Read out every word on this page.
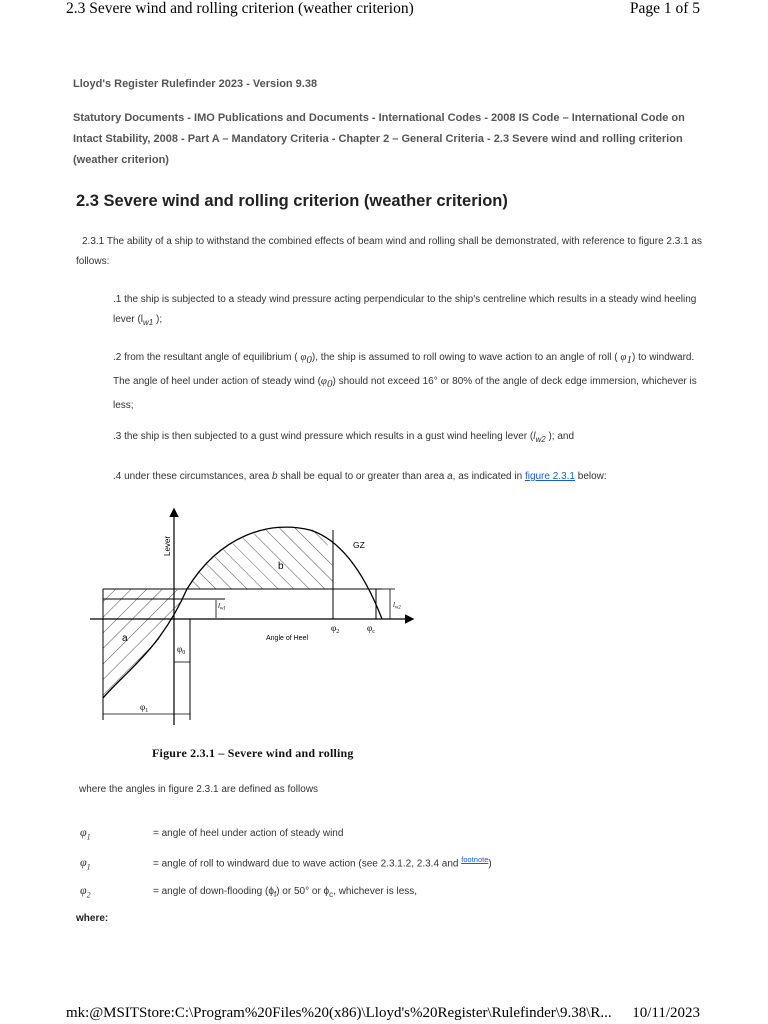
2.3 Severe wind and rolling criterion (weather criterion)	Page 1 of 5
Lloyd's Register Rulefinder 2023 - Version 9.38
Statutory Documents - IMO Publications and Documents - International Codes - 2008 IS Code – International Code on Intact Stability, 2008 - Part A – Mandatory Criteria - Chapter 2 – General Criteria - 2.3 Severe wind and rolling criterion (weather criterion)
2.3 Severe wind and rolling criterion (weather criterion)
2.3.1 The ability of a ship to withstand the combined effects of beam wind and rolling shall be demonstrated, with reference to figure 2.3.1 as follows:
.1 the ship is subjected to a steady wind pressure acting perpendicular to the ship's centreline which results in a steady wind heeling lever ($l_{w1}$ );
.2 from the resultant angle of equilibrium ( $\varphi_0$), the ship is assumed to roll owing to wave action to an angle of roll ( $\varphi_1$) to windward. The angle of heel under action of steady wind $(\varphi_0)$ should not exceed 16° or 80% of the angle of deck edge immersion, whichever is less;
.3 the ship is then subjected to a gust wind pressure which results in a gust wind heeling lever ($l_{w2}$ ); and
.4 under these circumstances, area b shall be equal to or greater than area a, as indicated in figure 2.3.1 below:
Lever	GZ
b
a	Angle of Heel
$l_{w1}$	$l_{w2}$
$\varphi_0$
$\varphi_1$
$\varphi_2$	$\varphi_c$
Figure 2.3.1 – Severe wind and rolling
where the angles in figure 2.3.1 are defined as follows
$\varphi_1$	= angle of heel under action of steady wind
$\varphi_1$	= angle of roll to windward due to wave action (see 2.3.1.2, 2.3.4 and $^{footnote}$)
$\varphi_2$	= angle of down-flooding $(\phi_f)$ or 50° or $\phi_c$, whichever is less,
where:
mk:@MSITStore:C:\Program%20Files%20(x86)\Lloyd's%20Register\Rulefinder\9.38\R... 10/11/2023
